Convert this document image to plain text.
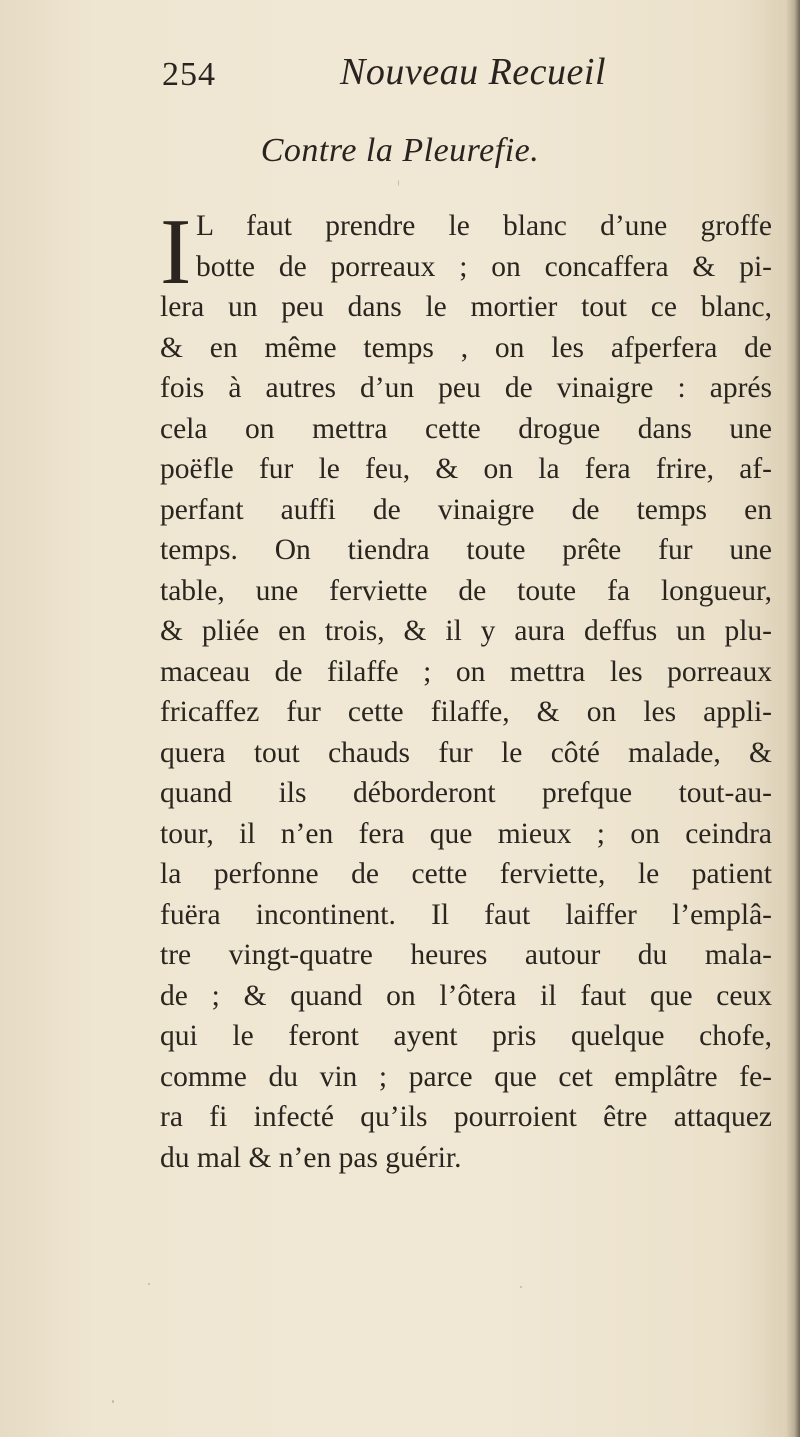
254	Nouveau Recueil
Contre la Pleurefie.
I L faut prendre le blanc d’une groffe
botte de porreaux ; on concaffera & pi-
lera un peu dans le mortier tout ce blanc,
& en même temps , on les afperfera de
fois à autres d’un peu de vinaigre : aprés
cela on mettra cette drogue dans une
poëfle fur le feu, & on la fera frire, af-
perfant auffi de vinaigre de temps en
temps. On tiendra toute prête fur une
table, une ferviette de toute fa longueur,
& pliée en trois, & il y aura deffus un plu-
maceau de filaffe ; on mettra les porreaux
fricaffez fur cette filaffe, & on les appli-
quera tout chauds fur le côté malade, &
quand ils déborderont prefque tout-au-
tour, il n’en fera que mieux ; on ceindra
la perfonne de cette ferviette, le patient
fuëra incontinent. Il faut laiffer l’emplâ-
tre vingt-quatre heures autour du mala-
de ; & quand on l’ôtera il faut que ceux
qui le feront ayent pris quelque chofe,
comme du vin ; parce que cet emplâtre fe-
ra fi infecté qu’ils pourroient être attaquez
du mal & n’en pas guérir.
